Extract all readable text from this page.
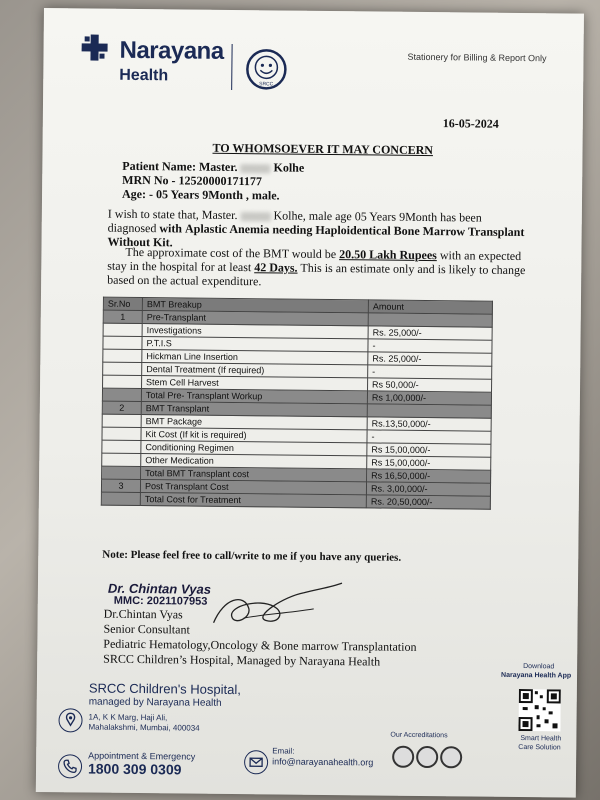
Narayana
Health
SRCC
Stationery for Billing & Report Only
16-05-2024
TO WHOMSOEVER IT MAY CONCERN
Patient Name: Master.	Kolhe
MRN No - 12520000171177
Age: - 05 Years 9Month , male.
I wish to state that, Master.	Kolhe, male age 05 Years 9Month has been diagnosed with Aplastic Anemia needing Haploidentical Bone Marrow Transplant Without Kit.
The approximate cost of the BMT would be 20.50 Lakh Rupees with an expected stay in the hospital for at least 42 Days. This is an estimate only and is likely to change based on the actual expenditure.
Sr.No	BMT Breakup	Amount
1	Pre-Transplant	
	Investigations	Rs. 25,000/-
	P.T.I.S	-
	Hickman Line Insertion	Rs. 25,000/-
	Dental Treatment (If required)	-
	Stem Cell Harvest	Rs 50,000/-
	Total Pre- Transplant Workup	Rs 1,00,000/-
2	BMT Transplant	
	BMT Package	Rs.13,50,000/-
	Kit Cost (If kit is required)	-
	Conditioning Regimen	Rs 15,00,000/-
	Other Medication	Rs 15,00,000/-
	Total BMT Transplant cost	Rs 16,50,000/-
3	Post Transplant Cost	Rs. 3,00,000/-
	Total Cost for Treatment	Rs. 20,50,000/-
Note: Please feel free to call/write to me if you have any queries.
Dr. Chintan Vyas
MMC: 2021107953
Dr.Chintan Vyas
Senior Consultant
Pediatric Hematology,Oncology & Bone marrow Transplantation
SRCC Children’s Hospital, Managed by Narayana Health
SRCC Children's Hospital,
managed by Narayana Health
1A, K K Marg, Haji Ali,
Mahalakshmi, Mumbai, 400034
Appointment & Emergency
1800 309 0309
Email:
info@narayanahealth.org
Our Accreditations
Download
Narayana Health App
Smart Health
Care Solution
